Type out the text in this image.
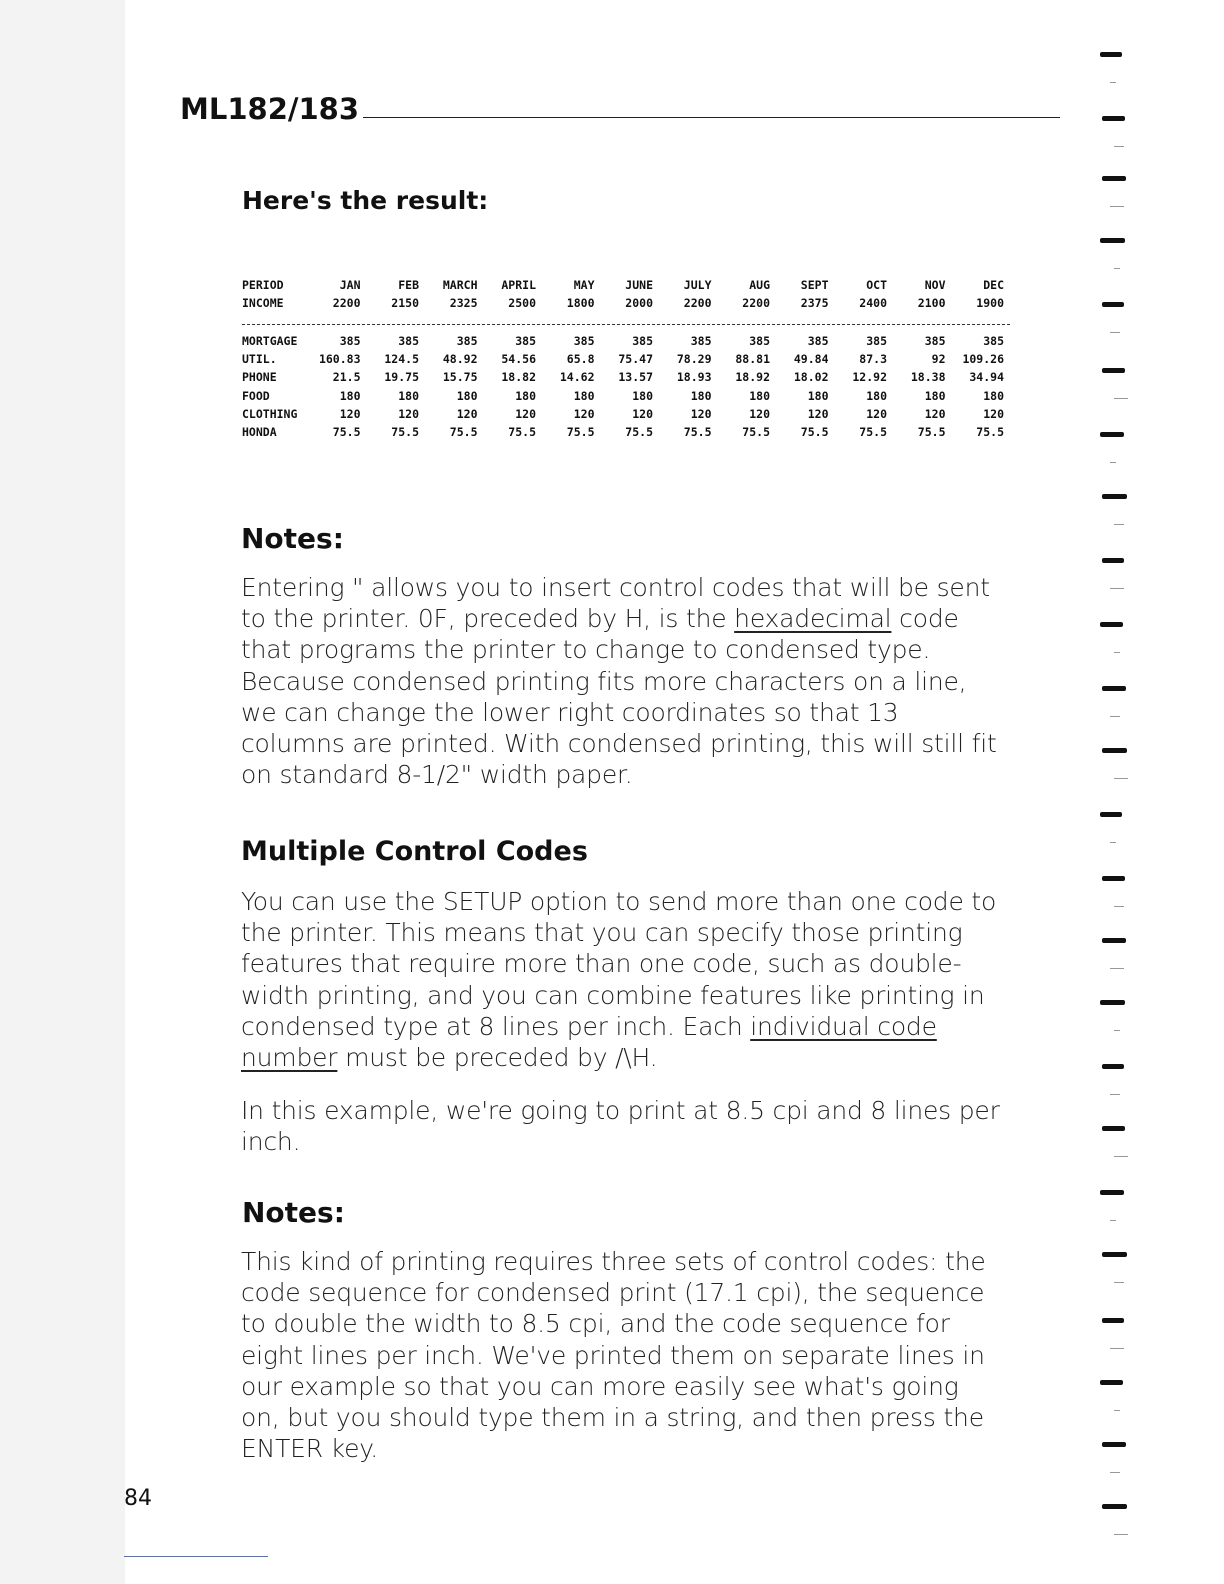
ML182/183
Here's the result:
PERIOD	JAN	FEB	MARCH	APRIL	MAY	JUNE	JULY	AUG	SEPT	OCT	NOV	DEC
INCOME	2200	2150	2325	2500	1800	2000	2200	2200	2375	2400	2100	1900
MORTGAGE	385	385	385	385	385	385	385	385	385	385	385	385
UTIL.	160.83	124.5	48.92	54.56	65.8	75.47	78.29	88.81	49.84	87.3	92	109.26
PHONE	21.5	19.75	15.75	18.82	14.62	13.57	18.93	18.92	18.02	12.92	18.38	34.94
FOOD	180	180	180	180	180	180	180	180	180	180	180	180
CLOTHING	120	120	120	120	120	120	120	120	120	120	120	120
HONDA	75.5	75.5	75.5	75.5	75.5	75.5	75.5	75.5	75.5	75.5	75.5	75.5
Notes:

Entering " allows you to insert control codes that will be sent to the printer. 0F, preceded by H, is the hexadecimal code that programs the printer to change to condensed type. Because condensed printing fits more characters on a line, we can change the lower right coordinates so that 13 columns are printed. With condensed printing, this will still fit on standard 8-1/2" width paper.

Multiple Control Codes

You can use the SETUP option to send more than one code to the printer. This means that you can specify those printing features that require more than one code, such as double-width printing, and you can combine features like printing in condensed type at 8 lines per inch. Each individual code number must be preceded by /\H.

In this example, we're going to print at 8.5 cpi and 8 lines per inch.

Notes:

This kind of printing requires three sets of control codes: the code sequence for condensed print (17.1 cpi), the sequence to double the width to 8.5 cpi, and the code sequence for eight lines per inch. We've printed them on separate lines in our example so that you can more easily see what's going on, but you should type them in a string, and then press the ENTER key.

84
